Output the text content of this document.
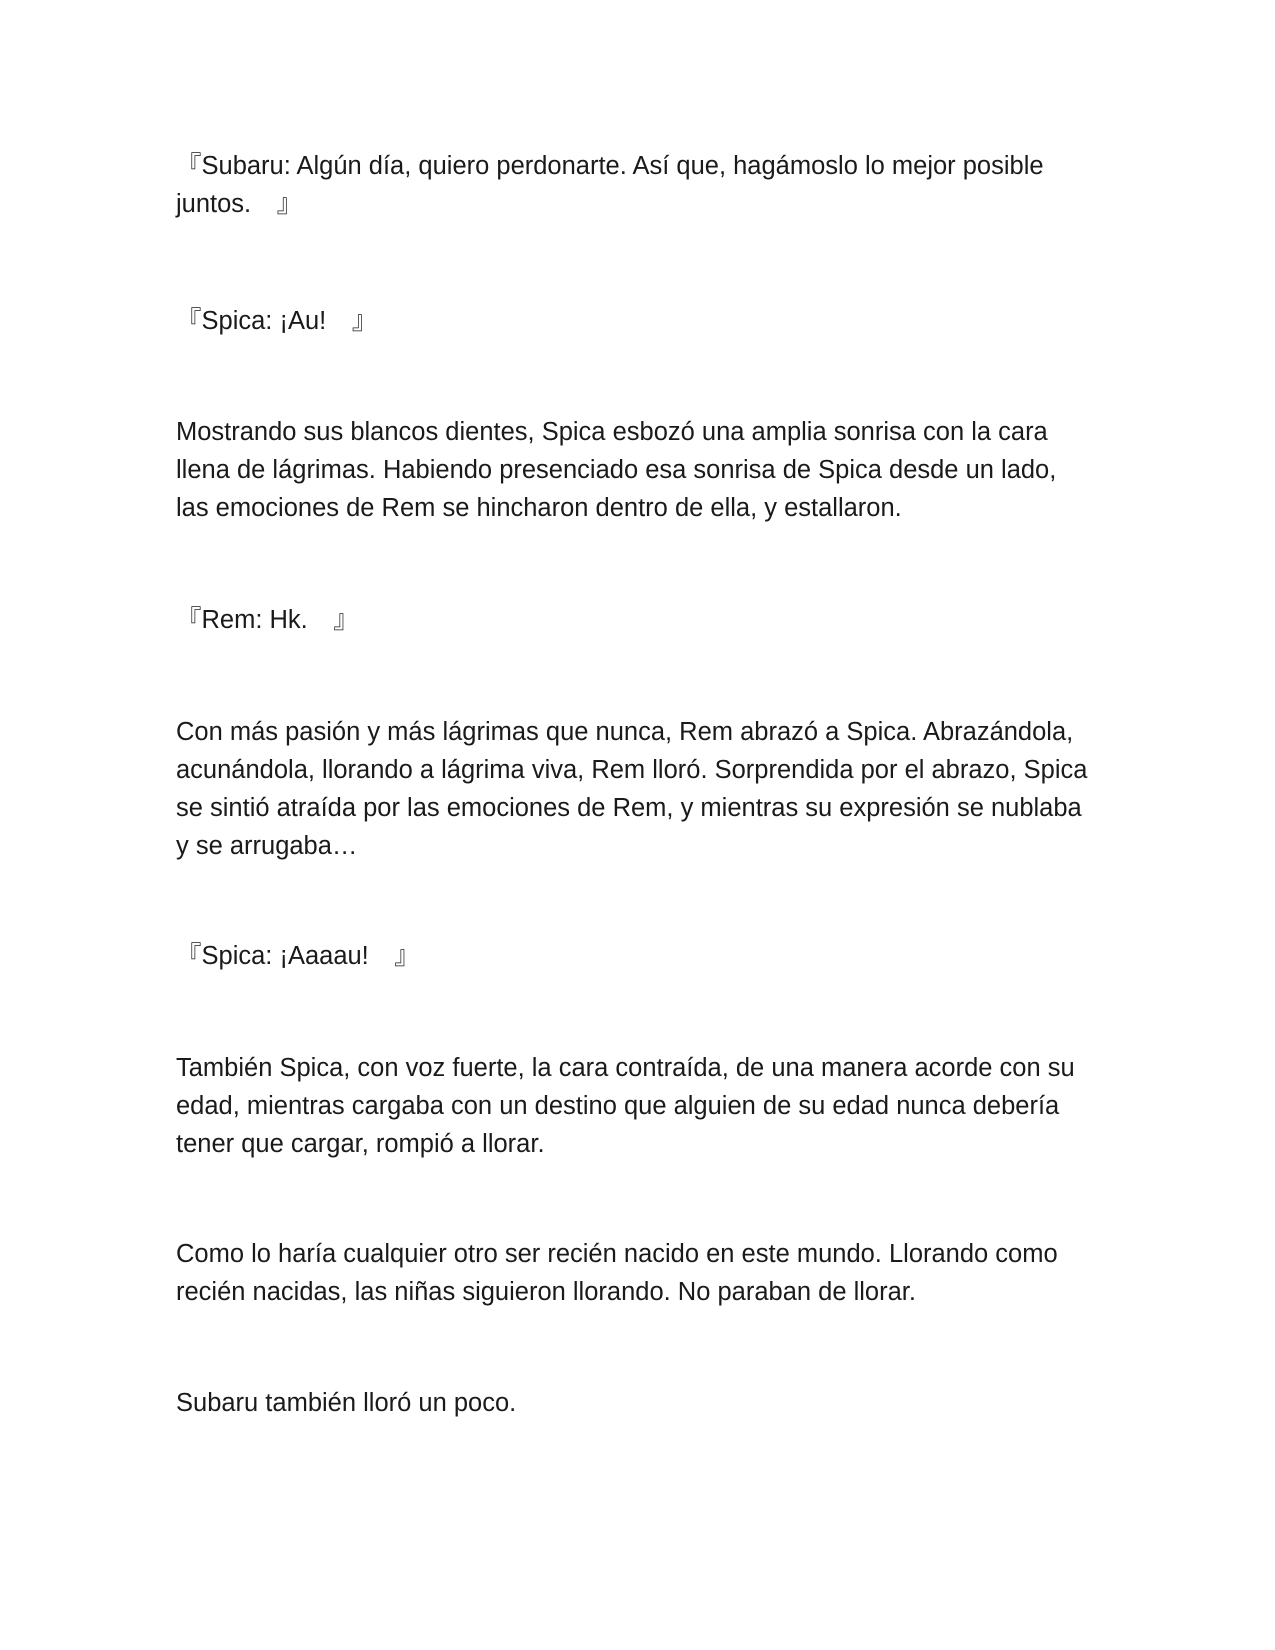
『Subaru: Algún día, quiero perdonarte. Así que, hagámoslo lo mejor posible juntos.　』

『Spica: ¡Au!　』

Mostrando sus blancos dientes, Spica esbozó una amplia sonrisa con la cara llena de lágrimas. Habiendo presenciado esa sonrisa de Spica desde un lado, las emociones de Rem se hincharon dentro de ella, y estallaron.

『Rem: Hk.　』

Con más pasión y más lágrimas que nunca, Rem abrazó a Spica. Abrazándola, acunándola, llorando a lágrima viva, Rem lloró. Sorprendida por el abrazo, Spica se sintió atraída por las emociones de Rem, y mientras su expresión se nublaba y se arrugaba…

『Spica: ¡Aaaau!　』

También Spica, con voz fuerte, la cara contraída, de una manera acorde con su edad, mientras cargaba con un destino que alguien de su edad nunca debería tener que cargar, rompió a llorar.

Como lo haría cualquier otro ser recién nacido en este mundo. Llorando como recién nacidas, las niñas siguieron llorando. No paraban de llorar.

Subaru también lloró un poco.
